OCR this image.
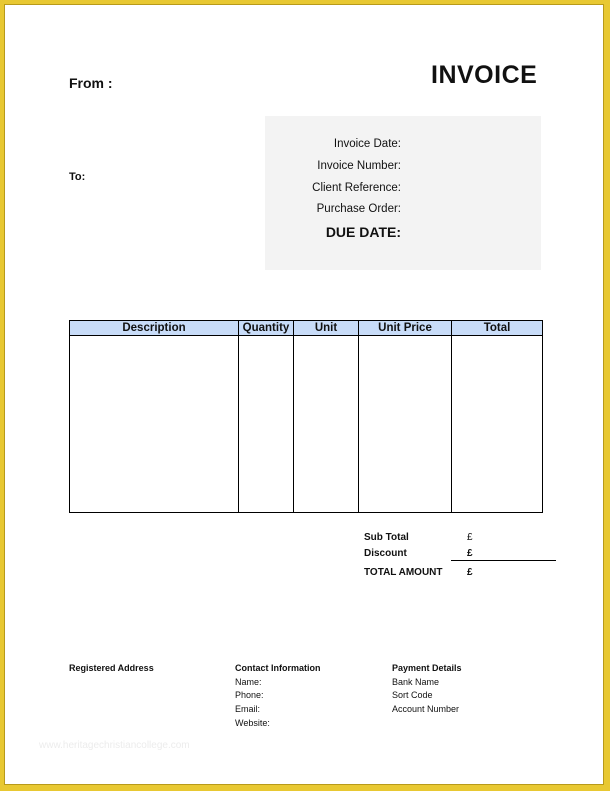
From :	INVOICE
To:
Invoice Date:
Invoice Number:
Client Reference:
Purchase Order:
DUE DATE:
Description	Quantity	Unit	Unit Price	Total

Sub Total	£
Discount	£
TOTAL AMOUNT £
Registered Address	Contact Information
Name:
Phone:
Email:
Website:
Payment Details
Bank Name
Sort Code
Account Number
www.heritagechristiancollege.com
